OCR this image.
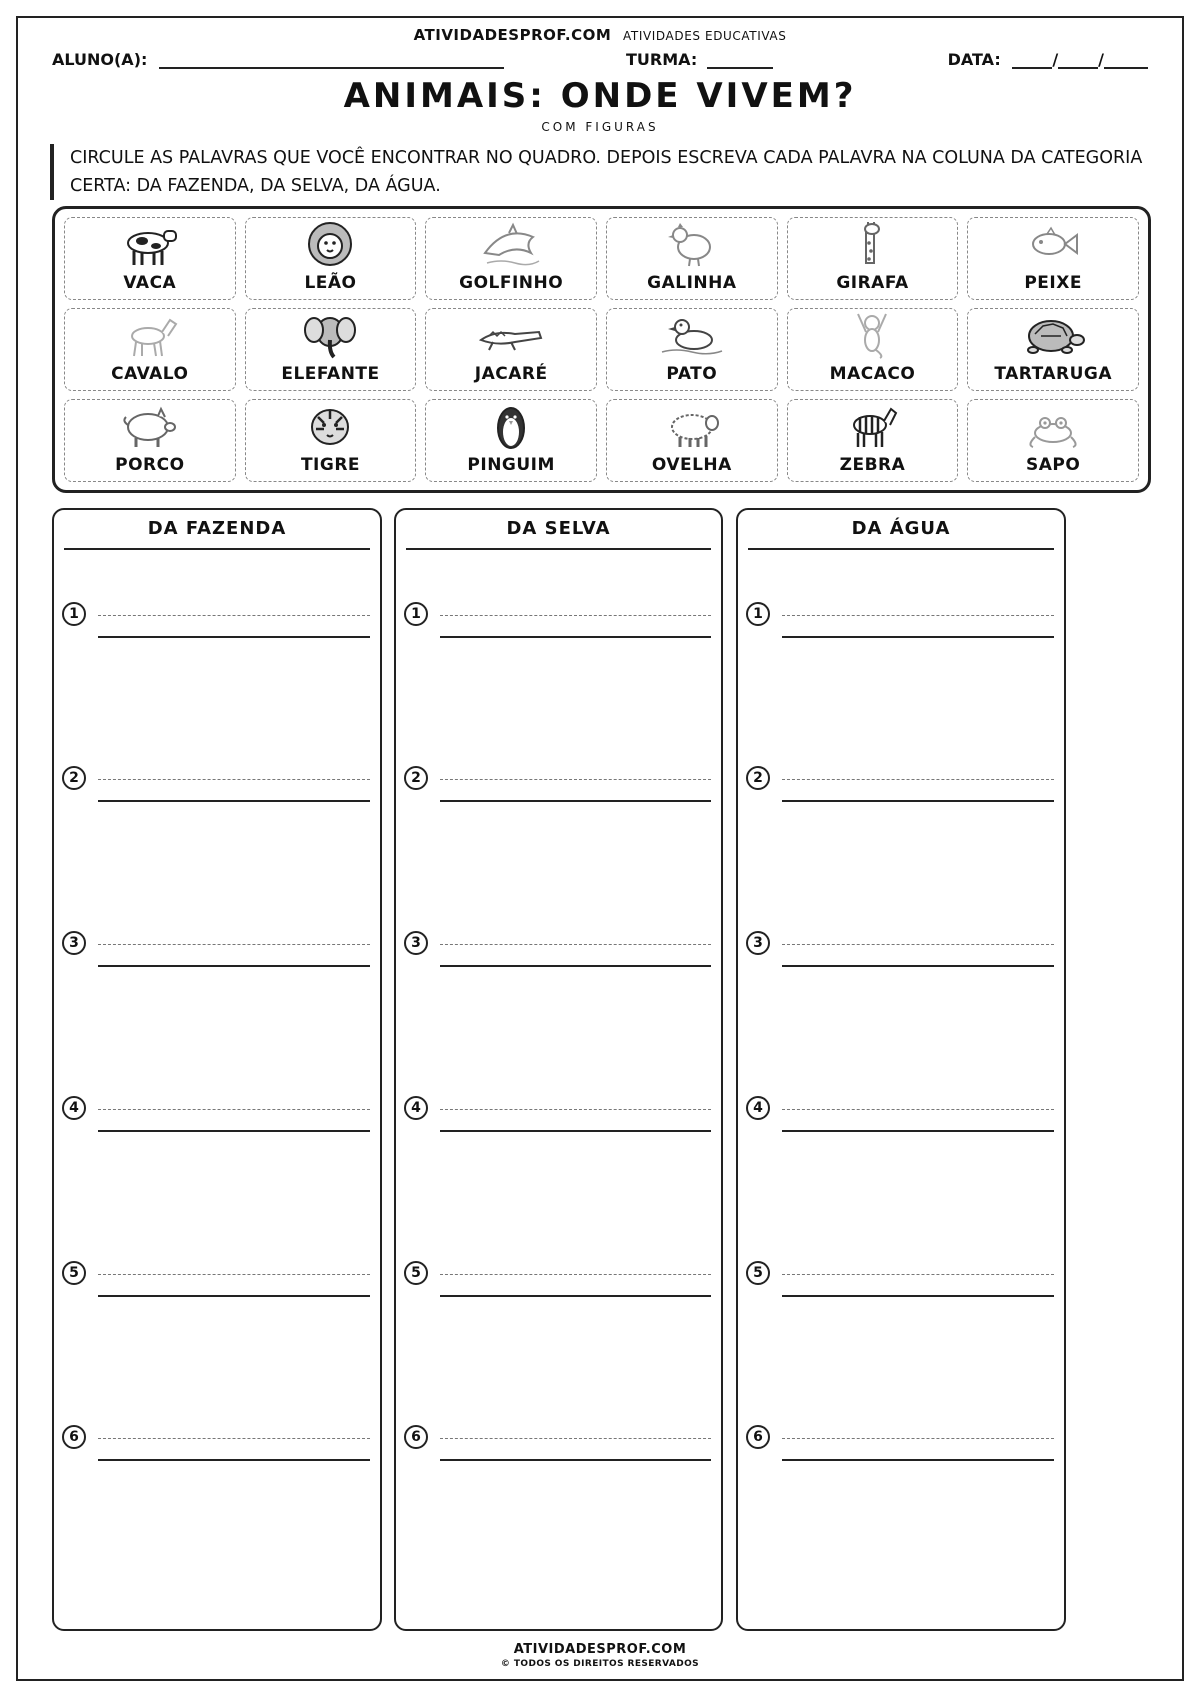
ATIVIDADESPROF.COM ATIVIDADES EDUCATIVAS
ALUNO(A):	TURMA:	DATA:	/	/
ANIMAIS: ONDE VIVEM?
COM FIGURAS
CIRCULE AS PALAVRAS QUE VOCÊ ENCONTRAR NO QUADRO. DEPOIS ESCREVA CADA PALAVRA NA COLUNA DA CATEGORIA CERTA: DA FAZENDA, DA SELVA, DA ÁGUA.
VACA	LEÃO	GOLFINHO	GALINHA	GIRAFA	PEIXE
CAVALO	ELEFANTE	JACARÉ	PATO	MACACO	TARTARUGA
PORCO	TIGRE	PINGUIM	OVELHA	ZEBRA	SAPO
DA FAZENDA
1
2
3
4
5
6
DA SELVA
1
2
3
4
5
6
DA ÁGUA
1
2
3
4
5
6
ATIVIDADESPROF.COM
© TODOS OS DIREITOS RESERVADOS
